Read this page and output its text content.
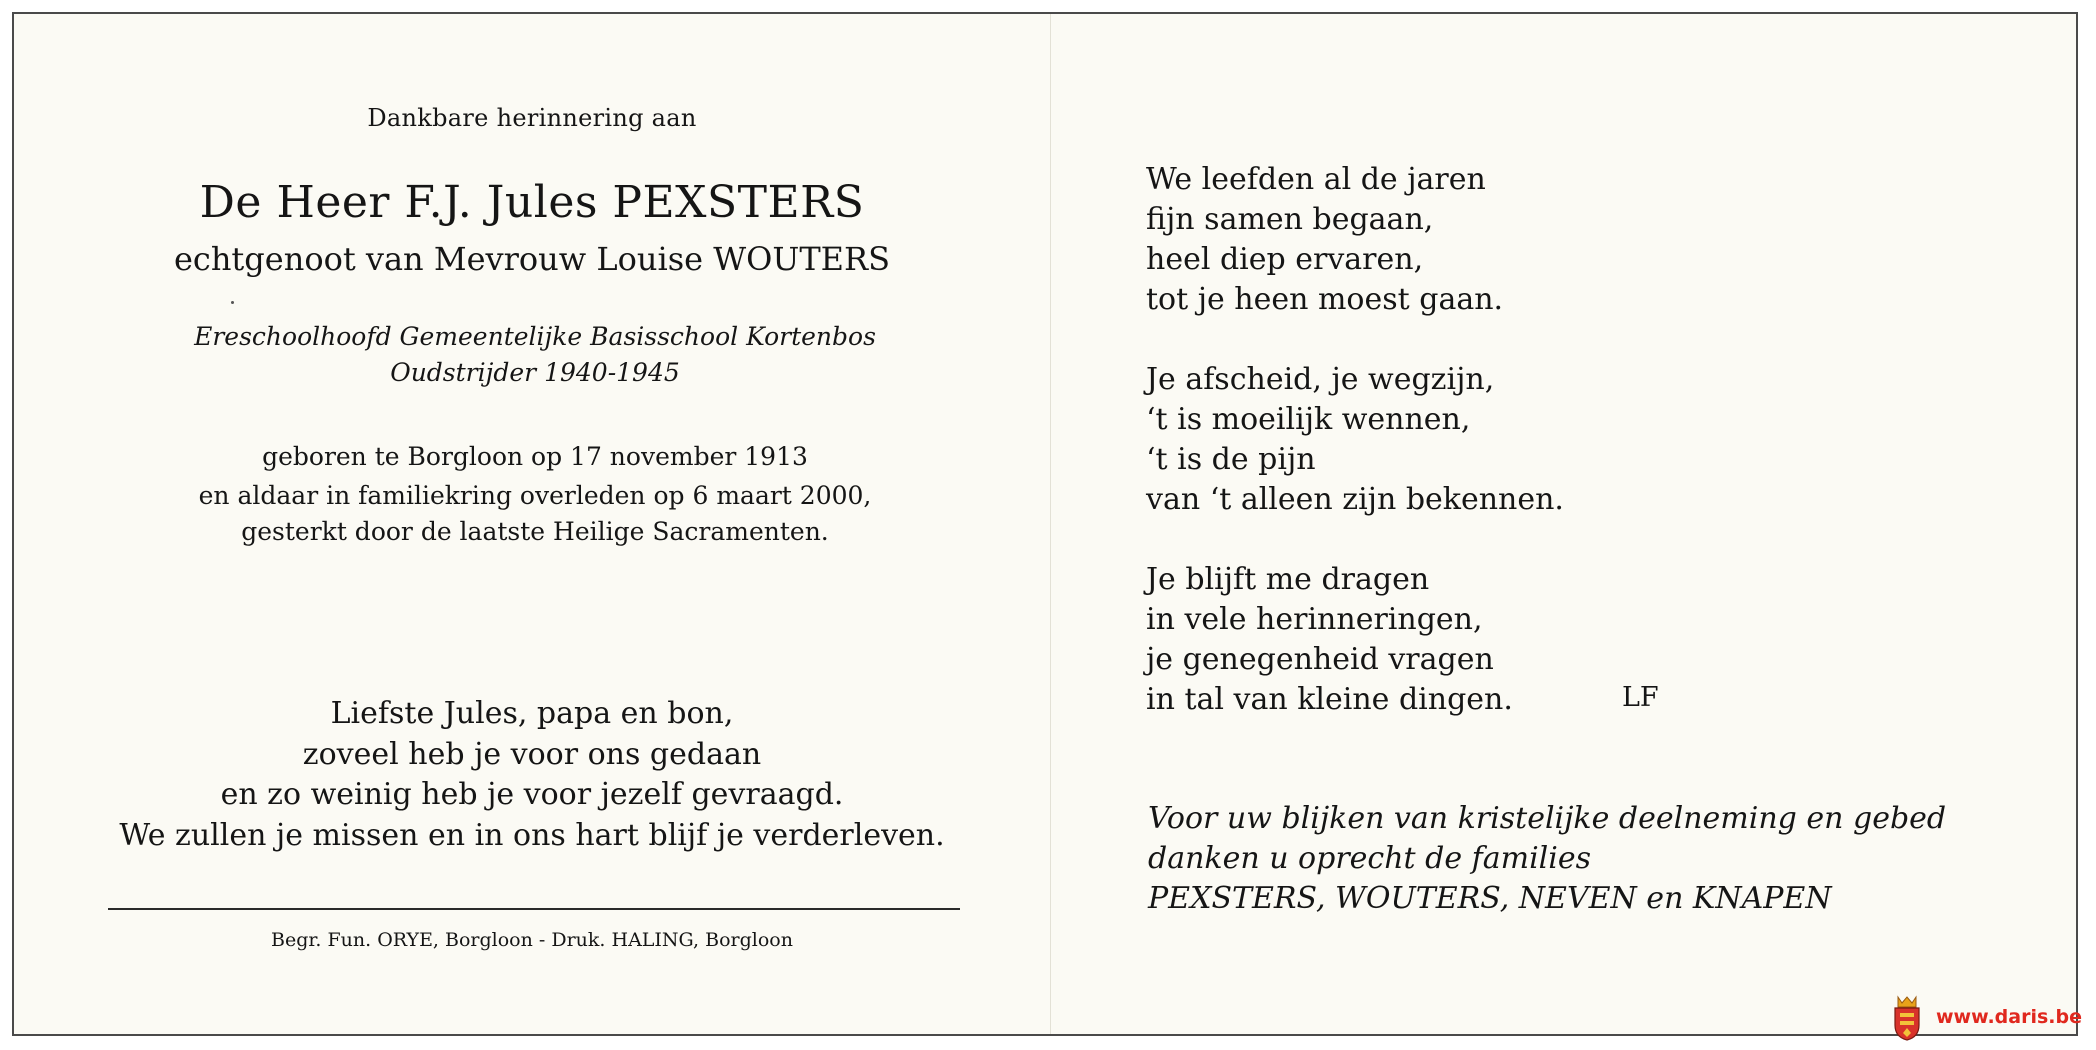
Dankbare herinnering aan
De Heer F.J. Jules PEXSTERS
echtgenoot van Mevrouw Louise WOUTERS
Ereschoolhoofd Gemeentelijke Basisschool Kortenbos
Oudstrijder 1940-1945
geboren te Borgloon op 17 november 1913
en aldaar in familiekring overleden op 6 maart 2000,
gesterkt door de laatste Heilige Sacramenten.
Liefste Jules, papa en bon,
zoveel heb je voor ons gedaan
en zo weinig heb je voor jezelf gevraagd.
We zullen je missen en in ons hart blijf je verderleven.
Begr. Fun. ORYE, Borgloon - Druk. HALING, Borgloon
We leefden al de jaren
fijn samen begaan,
heel diep ervaren,
tot je heen moest gaan.
Je afscheid, je wegzijn,
‘t is moeilijk wennen,
‘t is de pijn
van ‘t alleen zijn bekennen.
Je blijft me dragen
in vele herinneringen,
je genegenheid vragen
in tal van kleine dingen.	LF
Voor uw blijken van kristelijke deelneming en gebed
danken u oprecht de families
PEXSTERS, WOUTERS, NEVEN en KNAPEN
www.daris.be
